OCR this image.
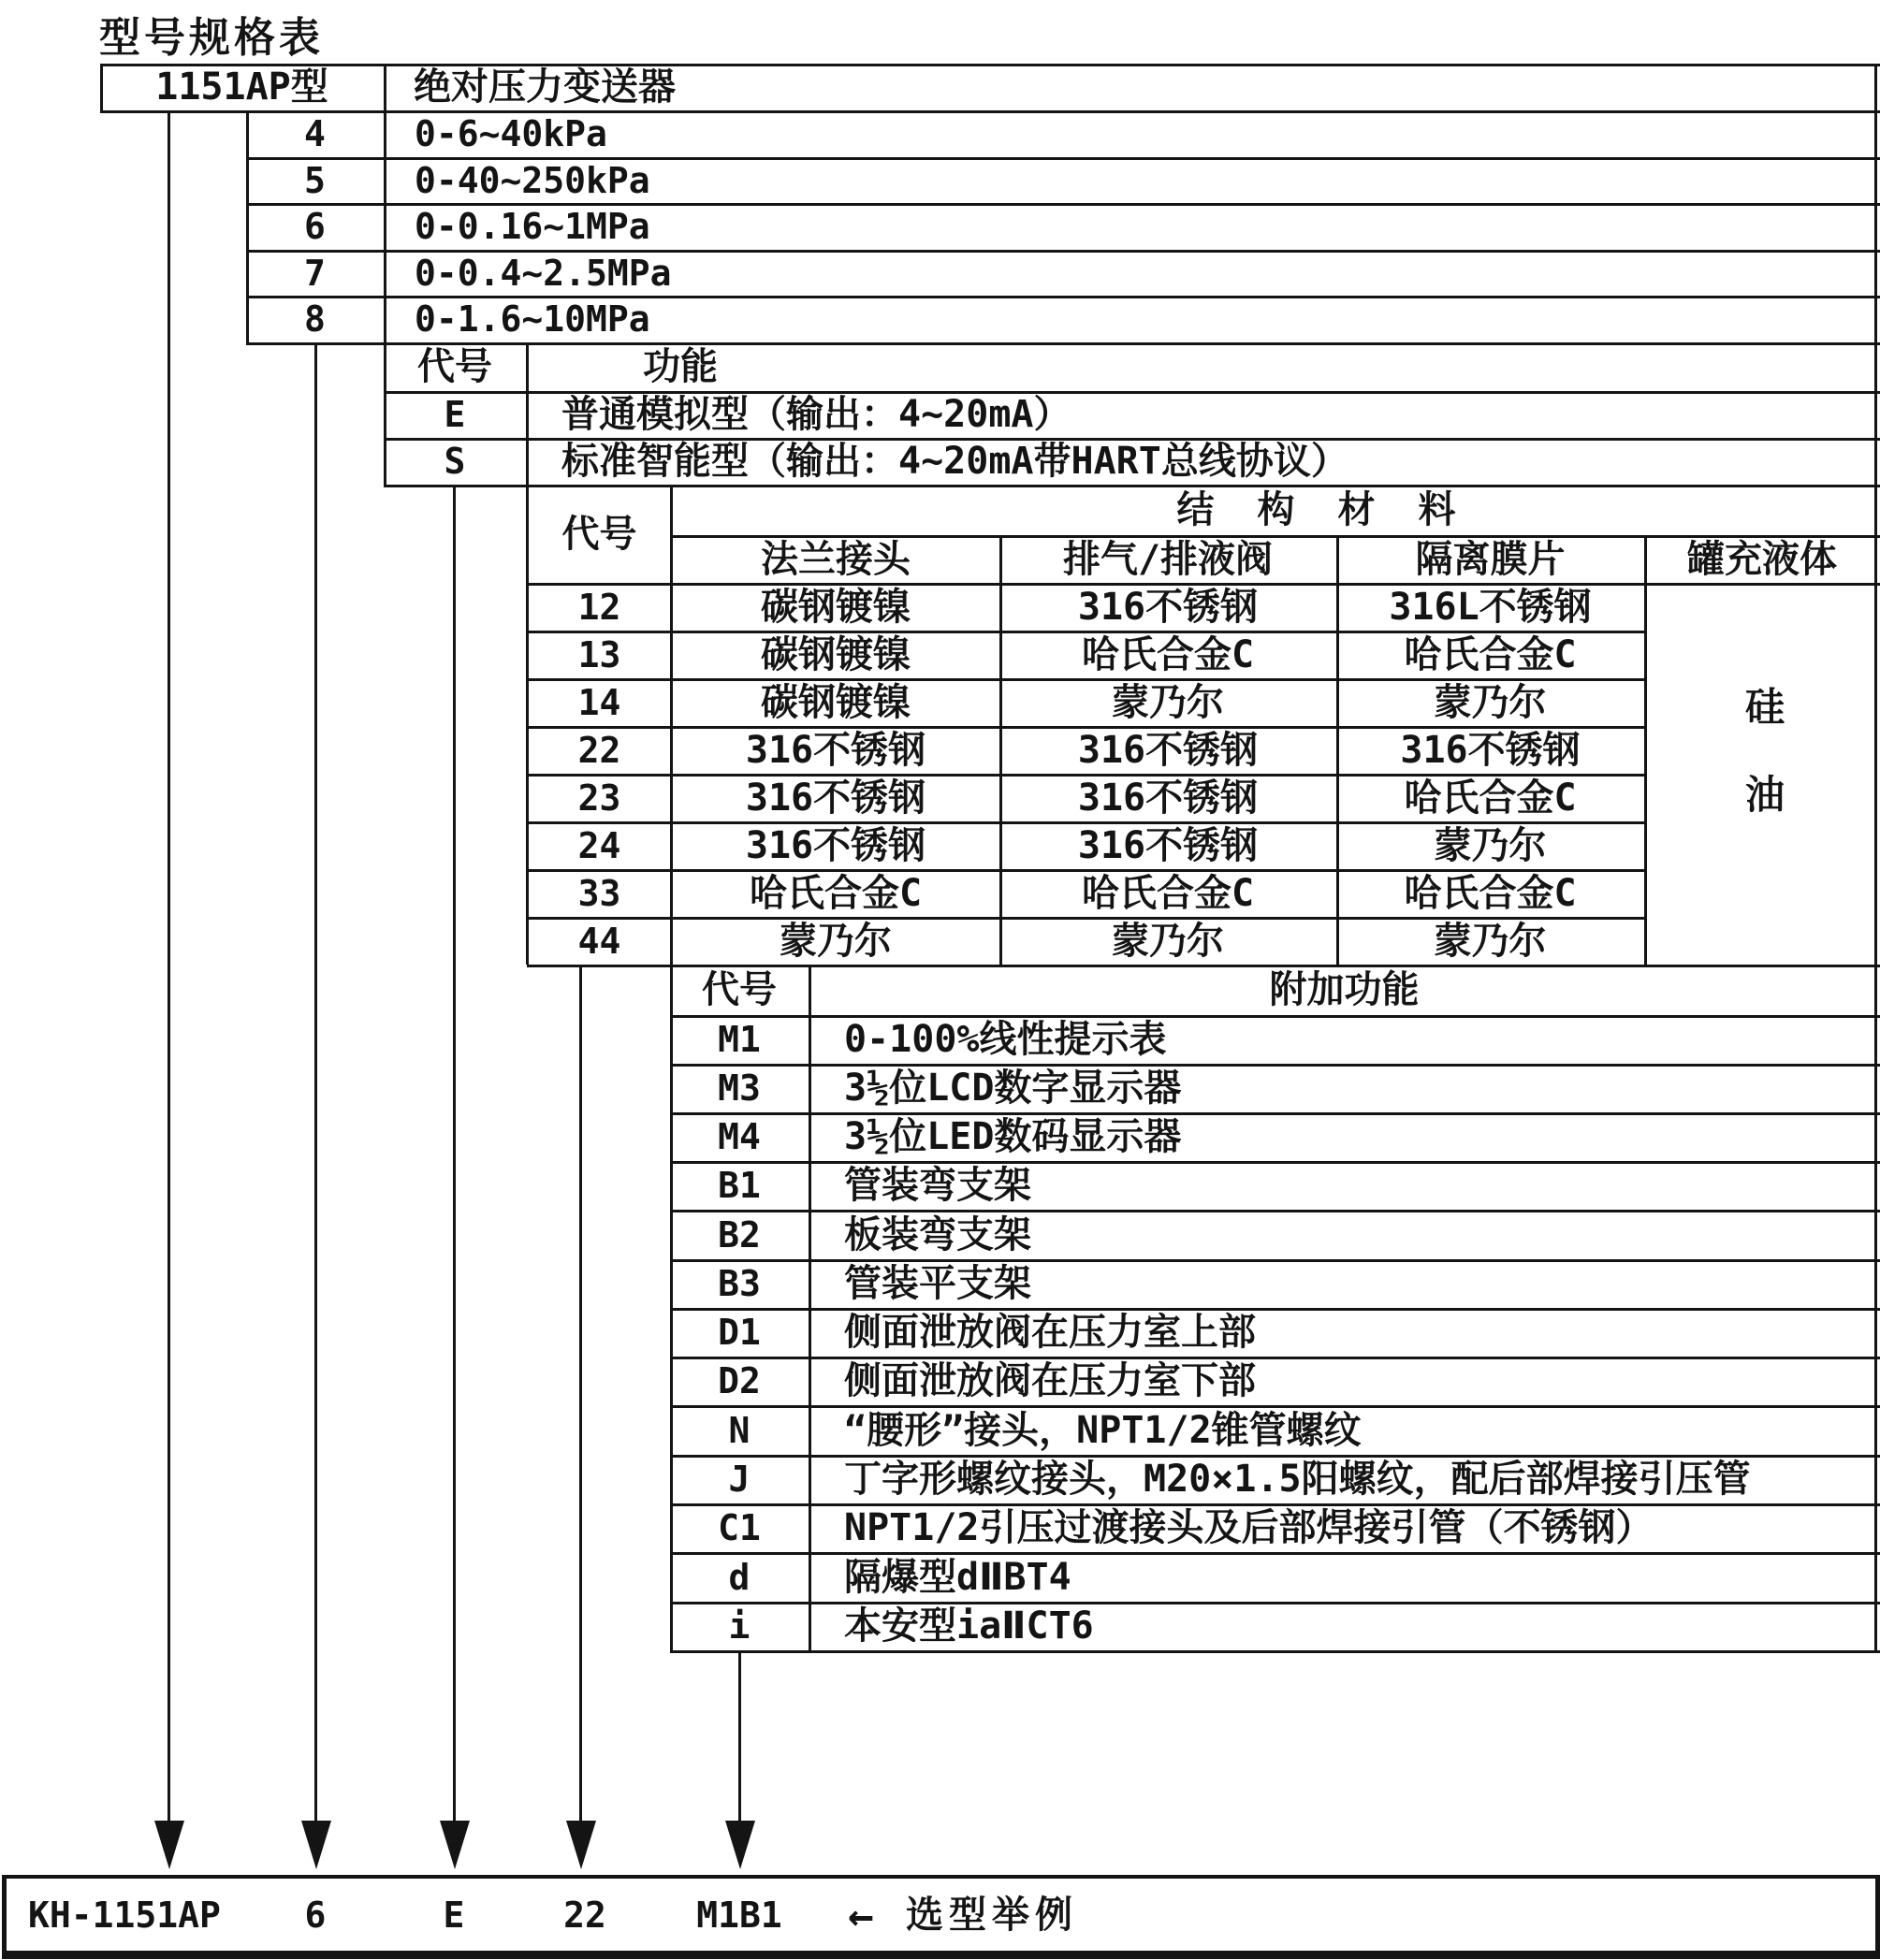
型号规格表
1151AP型	绝对压力变送器
4	0-6~40kPa
5	0-40~250kPa
6	0-0.16~1MPa
7	0-0.4~2.5MPa
8	0-1.6~10MPa
代号	功能
E	普通模拟型（输出：4~20mA）
S	标准智能型（输出：4~20mA带HART总线协议）
代号
结构材料
法兰接头	排气/排液阀	隔离膜片	罐充液体
12	碳钢镀镍	316不锈钢	316L不锈钢
13	碳钢镀镍	哈氏合金C	哈氏合金C
14	碳钢镀镍	蒙乃尔	蒙乃尔
22	316不锈钢	316不锈钢	316不锈钢
23	316不锈钢	316不锈钢	哈氏合金C
24	316不锈钢	316不锈钢	蒙乃尔
33	哈氏合金C	哈氏合金C	哈氏合金C
44	蒙乃尔	蒙乃尔	蒙乃尔
硅油
代号	附加功能
M1	0-100%线性提示表
M3	3½位LCD数字显示器
M4	3½位LED数码显示器
B1	管装弯支架
B2	板装弯支架
B3	管装平支架
D1	侧面泄放阀在压力室上部
D2	侧面泄放阀在压力室下部
N	“腰形”接头，NPT1/2锥管螺纹
J	丁字形螺纹接头，M20×1.5阳螺纹，配后部焊接引压管
C1	NPT1/2引压过渡接头及后部焊接引管（不锈钢）
d	隔爆型dⅡBT4
i	本安型iaⅡCT6
KH-1151AP	6	E	22	M1B1	← 选型举例
